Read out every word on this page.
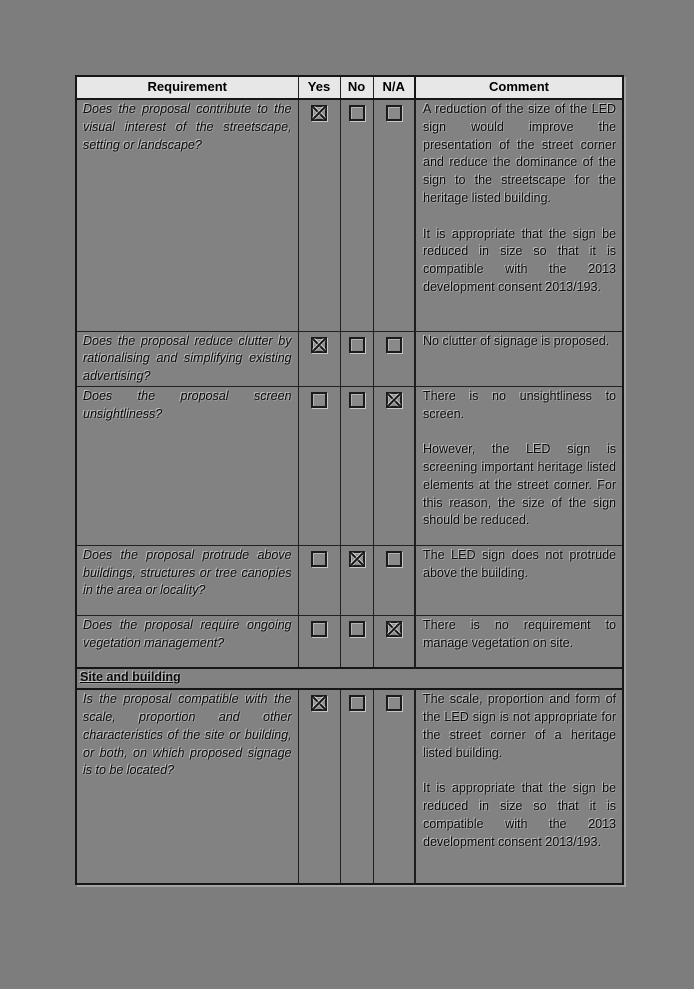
Requirement	Yes	No	N/A	Comment

Does the proposal contribute to the visual interest of the streetscape, setting or landscape?				A reduction of the size of the LED sign would improve the presentation of the street corner and reduce the dominance of the sign to the streetscape for the heritage listed building.

It is appropriate that the sign be reduced in size so that it is compatible with the 2013 development consent 2013/193.

Does the proposal reduce clutter by rationalising and simplifying existing advertising?				No clutter of signage is proposed.

Does the proposal screen unsightliness?				There is no unsightliness to screen.

However, the LED sign is screening important heritage listed elements at the street corner. For this reason, the size of the sign should be reduced.

Does the proposal protrude above buildings, structures or tree canopies in the area or locality?				The LED sign does not protrude above the building.

Does the proposal require ongoing vegetation management?				There is no requirement to manage vegetation on site.

Site and building				

Is the proposal compatible with the scale, proportion and other characteristics of the site or building, or both, on which proposed signage is to be located?				The scale, proportion and form of the LED sign is not appropriate for the street corner of a heritage listed building.

It is appropriate that the sign be reduced in size so that it is compatible with the 2013 development consent 2013/193.
